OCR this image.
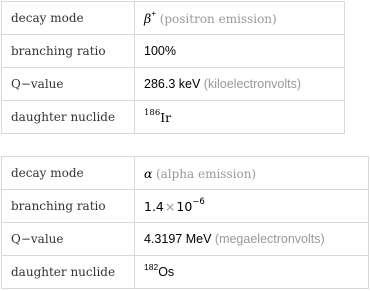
decay mode	β+ (positron emission)
branching ratio	100%
Q−value	286.3 keV (kiloelectronvolts)
daughter nuclide	$^{186}$Ir
decay mode	α (alpha emission)
branching ratio	$1.4\times 10^{-6}$
Q−value	4.3197 MeV (megaelectronvolts)
daughter nuclide	$^{182}$Os
